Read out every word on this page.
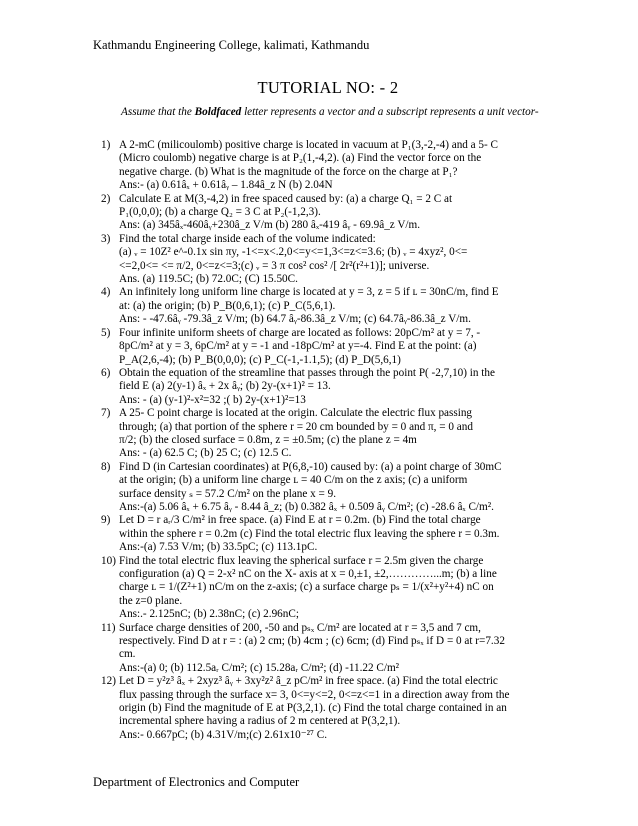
Kathmandu Engineering College, kalimati, Kathmandu
TUTORIAL NO: - 2
Assume that the Boldfaced letter represents a vector and a subscript represents a unit vector-
1) A 2-mC (milicoulomb) positive charge is located in vacuum at P₁(3,-2,-4) and a 5- C

(Micro coulomb) negative charge is at P₂(1,-4,2). (a) Find the vector force on the

negative charge. (b) What is the magnitude of the force on the charge at P₁?

Ans:- (a) 0.61âₓ + 0.61âᵧ – 1.84â_z N (b) 2.04N

2) Calculate E at M(3,-4,2) in free spaced caused by: (a) a charge Q₁ = 2 C at

P₁(0,0,0); (b) a charge Q₂ = 3 C at P₂(-1,2,3).

Ans: (a) 345âₓ-460âᵧ+230â_z V/m (b) 280 âₓ-419 âᵧ - 69.9â_z V/m.

3) Find the total charge inside each of the volume indicated:

(a) ᵥ = 10Z² e^-0.1x sin πy, -1<=x<.2,0<=y<=1,3<=z<=3.6; (b) ᵥ = 4xyz², 0<=

<=2,0<= <= π/2, 0<=z<=3;(c) ᵥ = 3 π cos² cos² /[ 2r²(r²+1)]; universe.

Ans. (a) 119.5C; (b) 72.0C; (C) 15.50C.

4) An infinitely long uniform line charge is located at y = 3, z = 5 if ʟ = 30nC/m, find E

at: (a) the origin; (b) P_B(0,6,1); (c) P_C(5,6,1).

Ans: - -47.6âᵧ -79.3â_z V/m; (b) 64.7 âᵧ-86.3â_z V/m; (c) 64.7âᵧ-86.3â_z V/m.

5) Four infinite uniform sheets of charge are located as follows: 20pC/m² at y = 7, -

8pC/m² at y = 3, 6pC/m² at y = -1 and -18pC/m² at y=-4. Find E at the point: (a)

P_A(2,6,-4); (b) P_B(0,0,0); (c) P_C(-1,-1.1,5); (d) P_D(5,6,1)

6) Obtain the equation of the streamline that passes through the point P( -2,7,10) in the

field E (a) 2(y-1) âₓ + 2x âᵧ; (b) 2y-(x+1)² = 13.

Ans: - (a) (y-1)²-x²=32 ;( b) 2y-(x+1)²=13

7) A 25- C point charge is located at the origin. Calculate the electric flux passing

through; (a) that portion of the sphere r = 20 cm bounded by = 0 and π, = 0 and

π/2; (b) the closed surface = 0.8m, z = ±0.5m; (c) the plane z = 4m

Ans: - (a) 62.5 C; (b) 25 C; (c) 12.5 C.

8) Find D (in Cartesian coordinates) at P(6,8,-10) caused by: (a) a point charge of 30mC

at the origin; (b) a uniform line charge ʟ = 40 C/m on the z axis; (c) a uniform

surface density ₛ = 57.2 C/m² on the plane x = 9.

Ans:-(a) 5.06 âₓ + 6.75 âᵧ - 8.44 â_z; (b) 0.382 âₓ + 0.509 âᵧ C/m²; (c) -28.6 âₓ C/m².

9) Let D = r aᵣ/3 C/m² in free space. (a) Find E at r = 0.2m. (b) Find the total charge

within the sphere r = 0.2m (c) Find the total electric flux leaving the sphere r = 0.3m.

Ans:-(a) 7.53 V/m; (b) 33.5pC; (c) 113.1pC.

10) Find the total electric flux leaving the spherical surface r = 2.5m given the charge

configuration (a) Q = 2-x² nC on the X- axis at x = 0,±1, ±2,…………...m; (b) a line

charge ʟ = 1/(Z²+1) nC/m on the z-axis; (c) a surface charge pₛ = 1/(x²+y²+4) nC on

the z=0 plane.

Ans:.- 2.125nC; (b) 2.38nC; (c) 2.96nC;

11) Surface charge densities of 200, -50 and pₛₓ C/m² are located at r = 3,5 and 7 cm,

respectively. Find D at r = : (a) 2 cm; (b) 4cm ; (c) 6cm; (d) Find pₛₓ if D = 0 at r=7.32

cm.

Ans:-(a) 0; (b) 112.5aᵣ C/m²; (c) 15.28aᵣ C/m²; (d) -11.22 C/m²

12) Let D = y²z³ âₓ + 2xyz³ âᵧ + 3xy²z² â_z pC/m² in free space. (a) Find the total electric

flux passing through the surface x= 3, 0<=y<=2, 0<=z<=1 in a direction away from the

origin (b) Find the magnitude of E at P(3,2,1). (c) Find the total charge contained in an

incremental sphere having a radius of 2 m centered at P(3,2,1).

Ans:- 0.667pC; (b) 4.31V/m;(c) 2.61x10⁻²⁷ C.

Department of Electronics and Computer
